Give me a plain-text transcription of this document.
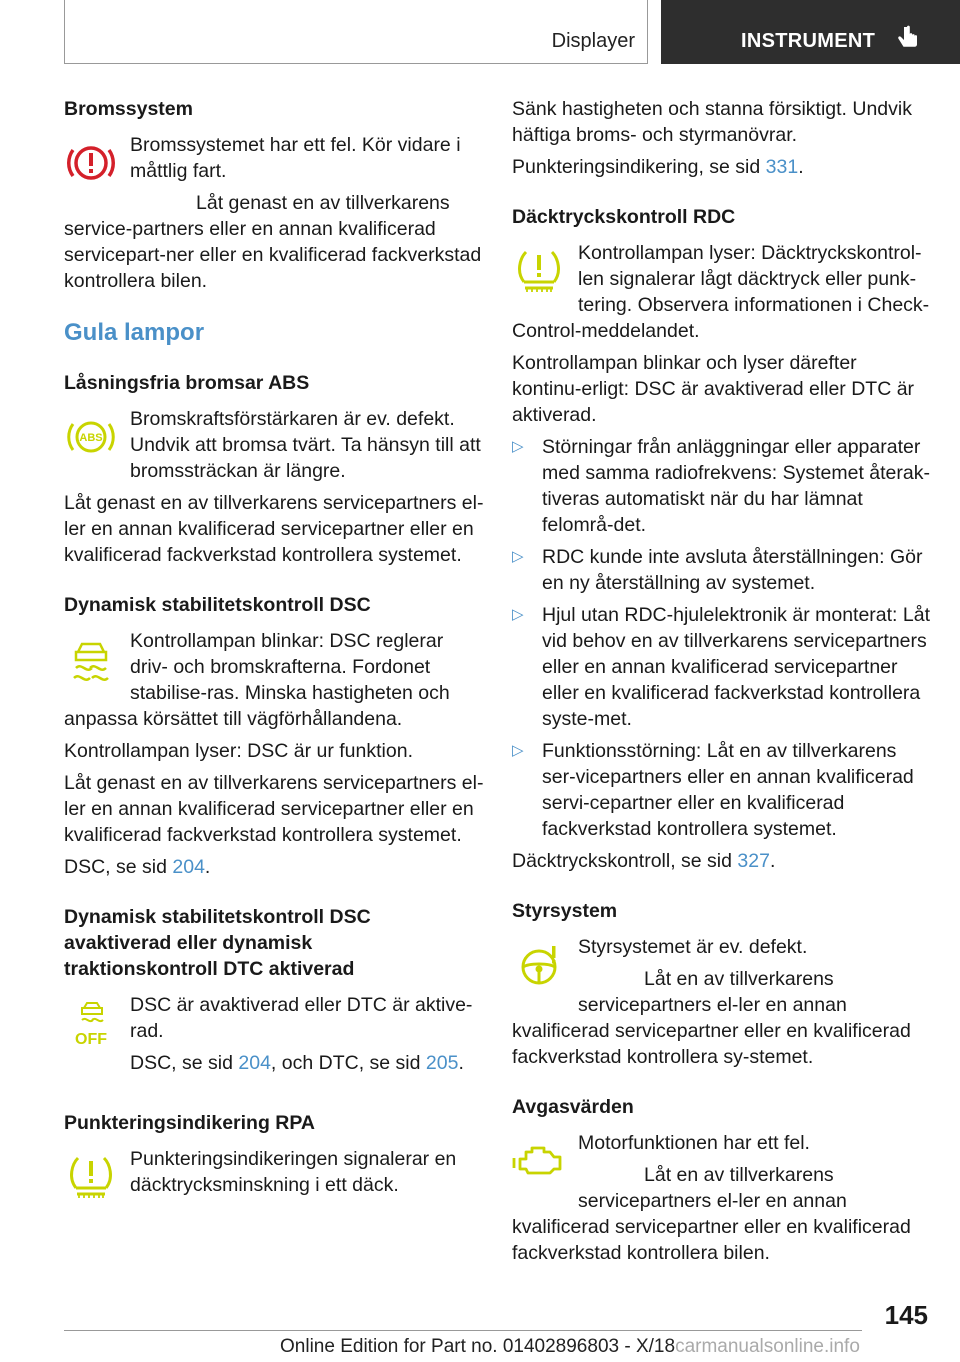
Displayer	INSTRUMENT

Bromssystem

Bromssystemet har ett fel. Kör vidare i måttlig fart.

Låt genast en av tillverkarens service-partners eller en annan kvalificerad servicepart-ner eller en kvalificerad fackverkstad kontrollera bilen.

Gula lampor

Låsningsfria bromsar ABS

ABS
Bromskraftsförstärkaren är ev. defekt. Undvik att bromsa tvärt. Ta hänsyn till att bromssträckan är längre.

Låt genast en av tillverkarens servicepartners el-ler en annan kvalificerad servicepartner eller en kvalificerad fackverkstad kontrollera systemet.

Dynamisk stabilitetskontroll DSC

Kontrollampan blinkar: DSC reglerar driv- och bromskrafterna. Fordonet stabilise-ras. Minska hastigheten och anpassa körsättet till vägförhållandena.

Kontrollampan lyser: DSC är ur funktion.

Låt genast en av tillverkarens servicepartners el-ler en annan kvalificerad servicepartner eller en kvalificerad fackverkstad kontrollera systemet.

DSC, se sid 204.

Dynamisk stabilitetskontroll DSC avaktiverad eller dynamisk traktionskontroll DTC aktiverad

OFF
DSC är avaktiverad eller DTC är aktive-rad.

DSC, se sid 204, och DTC, se sid 205.

Punkteringsindikering RPA

Punkteringsindikeringen signalerar en däcktrycksminskning i ett däck.

Sänk hastigheten och stanna försiktigt. Undvik häftiga broms- och styrmanövrar.

Punkteringsindikering, se sid 331.

Däcktryckskontroll RDC

Kontrollampan lyser: Däcktryckskontrol-len signalerar lågt däcktryck eller punk-tering. Observera informationen i Check-Control-meddelandet.

Kontrollampan blinkar och lyser därefter kontinu-erligt: DSC är avaktiverad eller DTC är aktiverad.

▷ Störningar från anläggningar eller apparater med samma radiofrekvens: Systemet återak-tiveras automatiskt när du har lämnat felområ-det.

▷ RDC kunde inte avsluta återställningen: Gör en ny återställning av systemet.

▷ Hjul utan RDC-hjulelektronik är monterat: Låt vid behov en av tillverkarens servicepartners eller en annan kvalificerad servicepartner eller en kvalificerad fackverkstad kontrollera syste-met.

▷ Funktionsstörning: Låt en av tillverkarens ser-vicepartners eller en annan kvalificerad servi-cepartner eller en kvalificerad fackverkstad kontrollera systemet.

Däcktryckskontroll, se sid 327.

Styrsystem

Styrsystemet är ev. defekt.

Låt en av tillverkarens servicepartners el-ler en annan kvalificerad servicepartner eller en kvalificerad fackverkstad kontrollera sy-stemet.

Avgasvärden

Motorfunktionen har ett fel.

Låt en av tillverkarens servicepartners el-ler en annan kvalificerad servicepartner eller en kvalificerad fackverkstad kontrollera bilen.

145
Online Edition for Part no. 01402896803 - X/18carmanualsonline.info
